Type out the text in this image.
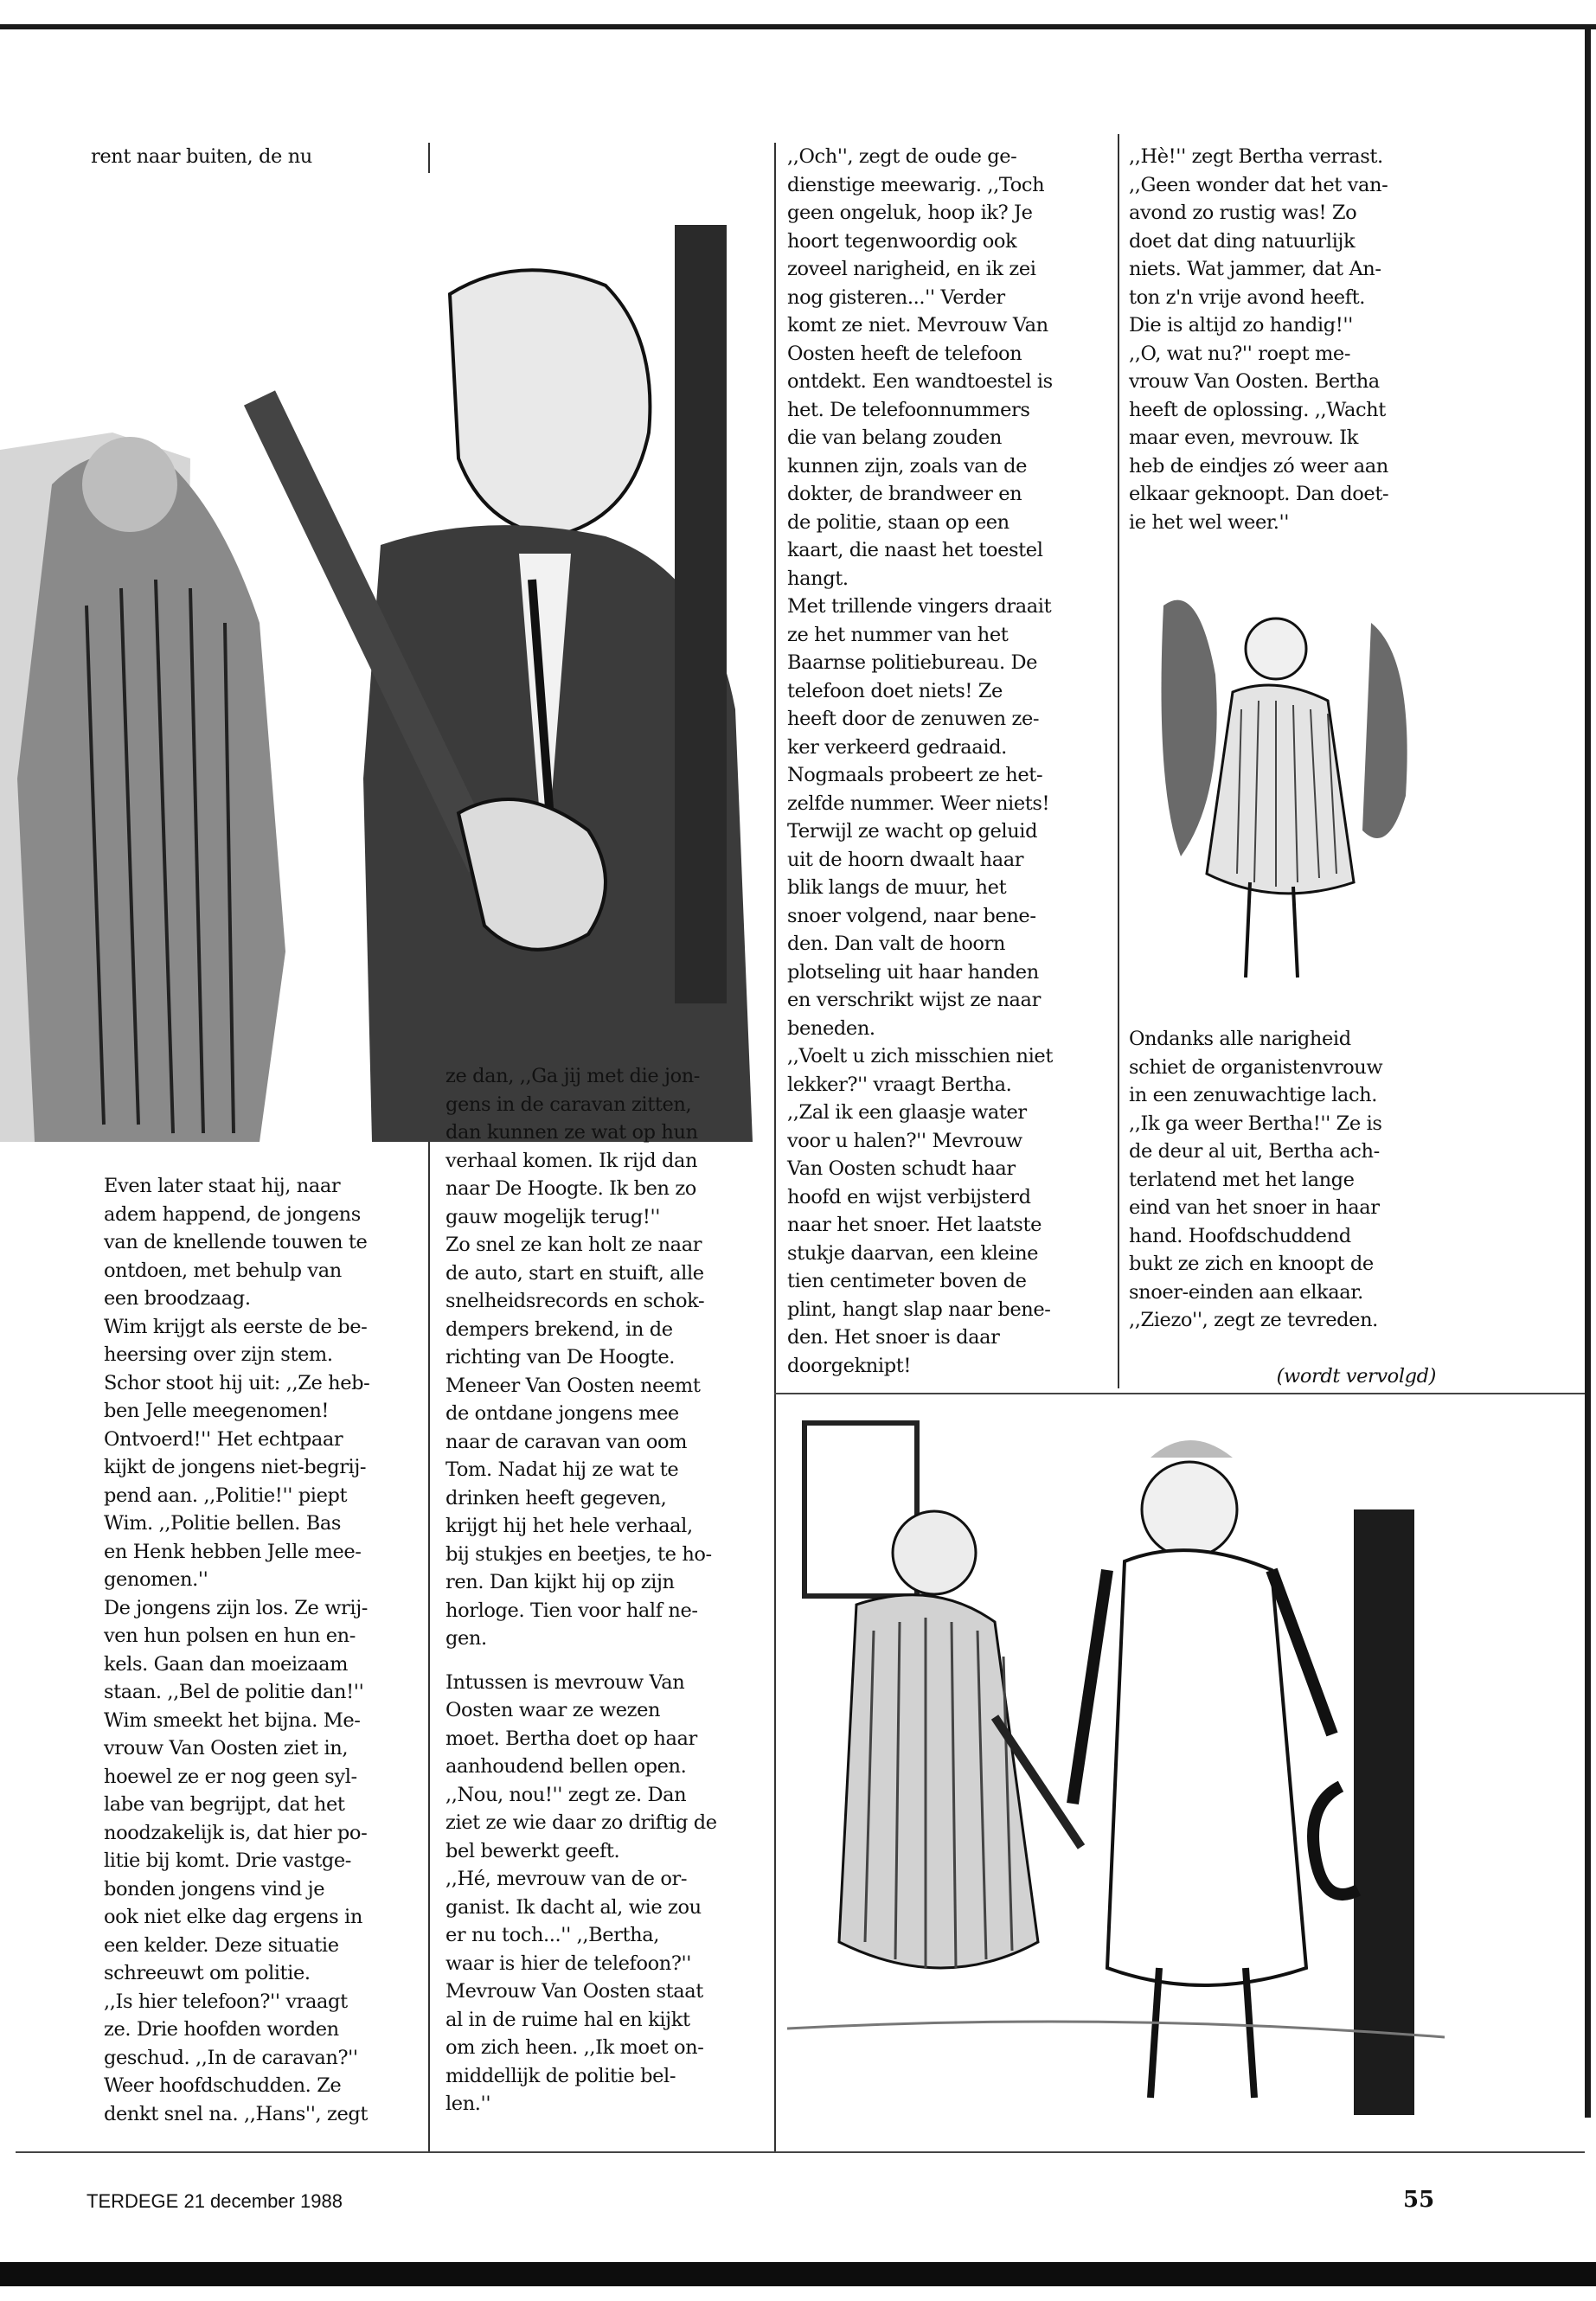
rent naar buiten, de nu

Even later staat hij, naar

adem happend, de jongens

van de knellende touwen te

ontdoen, met behulp van

een broodzaag.

Wim krijgt als eerste de be-

heersing over zijn stem.

Schor stoot hij uit: ,,Ze heb-

ben Jelle meegenomen!

Ontvoerd!'' Het echtpaar

kijkt de jongens niet-begrij-

pend aan. ,,Politie!'' piept

Wim. ,,Politie bellen. Bas

en Henk hebben Jelle mee-

genomen.''

De jongens zijn los. Ze wrij-

ven hun polsen en hun en-

kels. Gaan dan moeizaam

staan. ,,Bel de politie dan!''

Wim smeekt het bijna. Me-

vrouw Van Oosten ziet in,

hoewel ze er nog geen syl-

labe van begrijpt, dat het

noodzakelijk is, dat hier po-

litie bij komt. Drie vastge-

bonden jongens vind je

ook niet elke dag ergens in

een kelder. Deze situatie

schreeuwt om politie.

,,Is hier telefoon?'' vraagt

ze. Drie hoofden worden

geschud. ,,In de caravan?''

Weer hoofdschudden. Ze

denkt snel na. ,,Hans'', zegt

ze dan, ,,Ga jij met die jon-

gens in de caravan zitten,

dan kunnen ze wat op hun

verhaal komen. Ik rijd dan

naar De Hoogte. Ik ben zo

gauw mogelijk terug!''

Zo snel ze kan holt ze naar

de auto, start en stuift, alle

snelheidsrecords en schok-

dempers brekend, in de

richting van De Hoogte.

Meneer Van Oosten neemt

de ontdane jongens mee

naar de caravan van oom

Tom. Nadat hij ze wat te

drinken heeft gegeven,

krijgt hij het hele verhaal,

bij stukjes en beetjes, te ho-

ren. Dan kijkt hij op zijn

horloge. Tien voor half ne-

gen.

Intussen is mevrouw Van

Oosten waar ze wezen

moet. Bertha doet op haar

aanhoudend bellen open.

,,Nou, nou!'' zegt ze. Dan

ziet ze wie daar zo driftig de

bel bewerkt geeft.

,,Hé, mevrouw van de or-

ganist. Ik dacht al, wie zou

er nu toch...'' ,,Bertha,

waar is hier de telefoon?''

Mevrouw Van Oosten staat

al in de ruime hal en kijkt

om zich heen. ,,Ik moet on-

middellijk de politie bel-

len.''

,,Och'', zegt de oude ge-

dienstige meewarig. ,,Toch

geen ongeluk, hoop ik? Je

hoort tegenwoordig ook

zoveel narigheid, en ik zei

nog gisteren...'' Verder

komt ze niet. Mevrouw Van

Oosten heeft de telefoon

ontdekt. Een wandtoestel is

het. De telefoonnummers

die van belang zouden

kunnen zijn, zoals van de

dokter, de brandweer en

de politie, staan op een

kaart, die naast het toestel

hangt.

Met trillende vingers draait

ze het nummer van het

Baarnse politiebureau. De

telefoon doet niets! Ze

heeft door de zenuwen ze-

ker verkeerd gedraaid.

Nogmaals probeert ze het-

zelfde nummer. Weer niets!

Terwijl ze wacht op geluid

uit de hoorn dwaalt haar

blik langs de muur, het

snoer volgend, naar bene-

den. Dan valt de hoorn

plotseling uit haar handen

en verschrikt wijst ze naar

beneden.

,,Voelt u zich misschien niet

lekker?'' vraagt Bertha.

,,Zal ik een glaasje water

voor u halen?'' Mevrouw

Van Oosten schudt haar

hoofd en wijst verbijsterd

naar het snoer. Het laatste

stukje daarvan, een kleine

tien centimeter boven de

plint, hangt slap naar bene-

den. Het snoer is daar

doorgeknipt!

,,Hè!'' zegt Bertha verrast.

,,Geen wonder dat het van-

avond zo rustig was! Zo

doet dat ding natuurlijk

niets. Wat jammer, dat An-

ton z'n vrije avond heeft.

Die is altijd zo handig!''

,,O, wat nu?'' roept me-

vrouw Van Oosten. Bertha

heeft de oplossing. ,,Wacht

maar even, mevrouw. Ik

heb de eindjes zó weer aan

elkaar geknoopt. Dan doet-

ie het wel weer.''

Ondanks alle narigheid

schiet de organistenvrouw

in een zenuwachtige lach.

,,Ik ga weer Bertha!'' Ze is

de deur al uit, Bertha ach-

terlatend met het lange

eind van het snoer in haar

hand. Hoofdschuddend

bukt ze zich en knoopt de

snoer-einden aan elkaar.

,,Ziezo'', zegt ze tevreden.

(wordt vervolgd)
TERDEGE 21 december 1988	55
